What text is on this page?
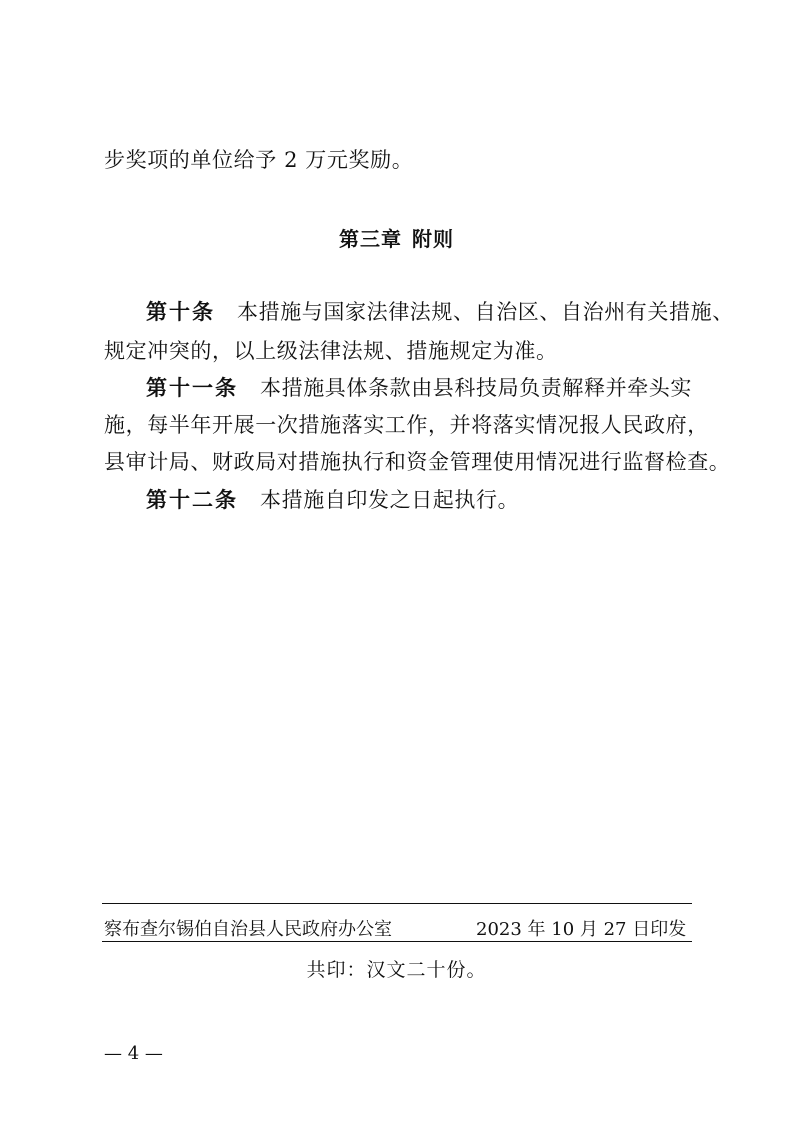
步奖项的单位给予 2 万元奖励。
第三章 附则
第十条 本措施与国家法律法规、自治区、自治州有关措施、
规定冲突的，以上级法律法规、措施规定为准。
第十一条 本措施具体条款由县科技局负责解释并牵头实
施，每半年开展一次措施落实工作，并将落实情况报人民政府，
县审计局、财政局对措施执行和资金管理使用情况进行监督检查。
第十二条 本措施自印发之日起执行。
察布查尔锡伯自治县人民政府办公室	2023 年 10 月 27 日印发
共印：汉文二十份。
— 4 —
